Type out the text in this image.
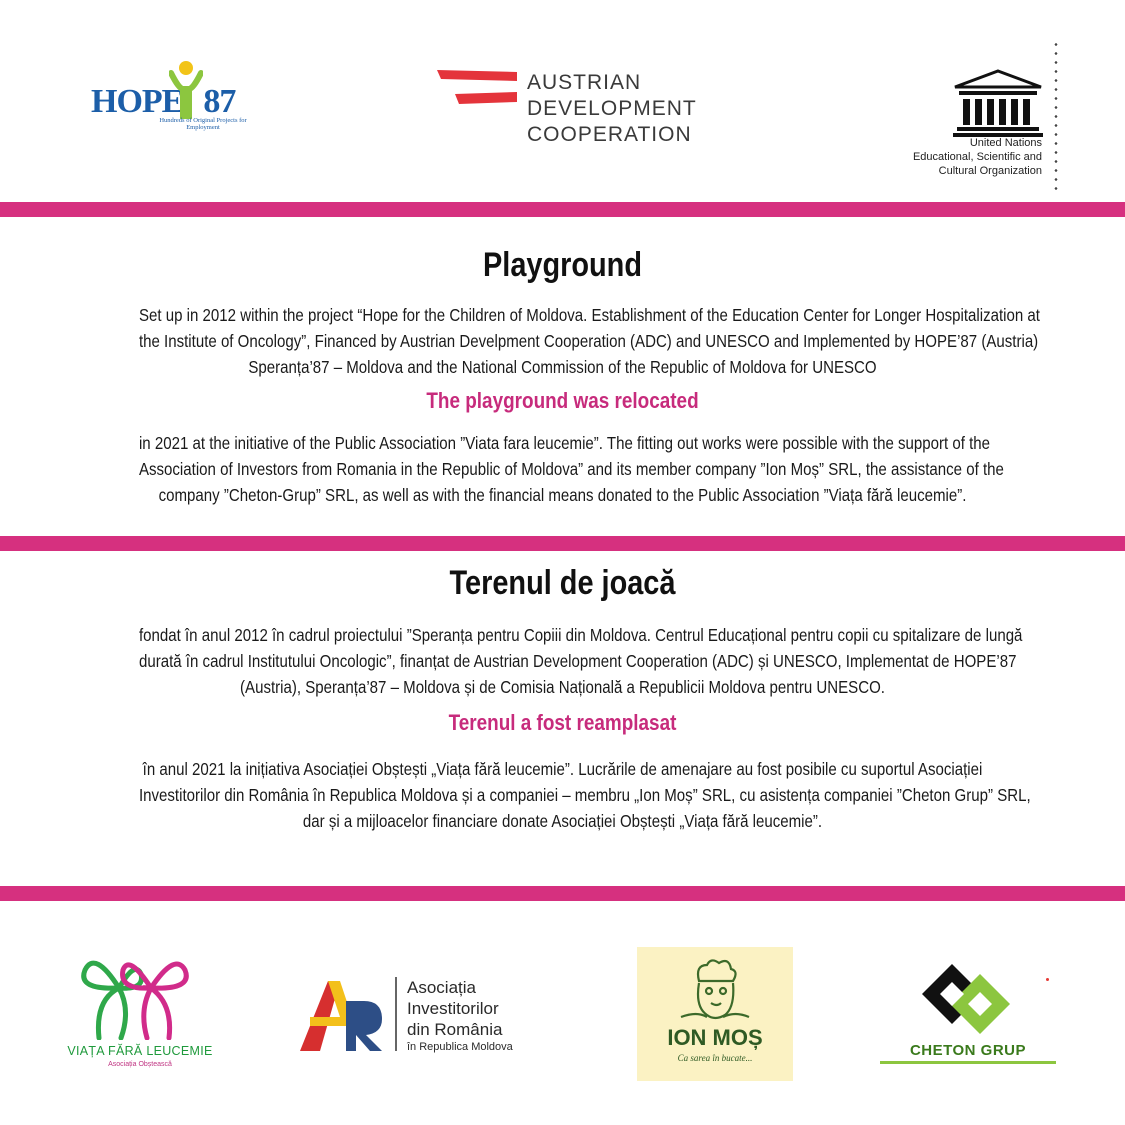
HOPE 87
Hundreds of Original Projects for Employment
AUSTRIAN
DEVELOPMENT
COOPERATION	United Nations
Educational, Scientific and
Cultural Organization
Playground
Set up in 2012 within the project “Hope for the Children of Moldova. Establishment of the Education Center for Longer Hospitalization at
the Institute of Oncology”, Financed by Austrian Develpment Cooperation (ADC) and UNESCO and Implemented by HOPE’87 (Austria)
Speranța’87 – Moldova and the National Commission of the Republic of Moldova for UNESCO
The playground was relocated
in 2021 at the initiative of the Public Association ”Viata fara leucemie”. The fitting out works were possible with the support of the
Association of Investors from Romania in the Republic of Moldova” and its member company ”Ion Moș” SRL, the assistance of the
company ”Cheton-Grup” SRL, as well as with the financial means donated to the Public Association ”Viața fără leucemie”.
Terenul de joacă
fondat în anul 2012 în cadrul proiectului ”Speranța pentru Copiii din Moldova. Centrul Educațional pentru copii cu spitalizare de lungă
durată în cadrul Institutului Oncologic”, finanțat de Austrian Development Cooperation (ADC) și UNESCO, Implementat de HOPE’87
(Austria), Speranța’87 – Moldova și de Comisia Națională a Republicii Moldova pentru UNESCO.
Terenul a fost reamplasat
în anul 2021 la inițiativa Asociației Obștești „Viața fără leucemie”. Lucrările de amenajare au fost posibile cu suportul Asociației
Investitorilor din România în Republica Moldova și a companiei – membru „Ion Moș” SRL, cu asistența companiei ”Cheton Grup” SRL,
dar și a mijloacelor financiare donate Asociației Obștești „Viața fără leucemie”.
VIAȚA FĂRĂ LEUCEMIE
Asociația Obștească
Asociația
Investitorilor
din România
în Republica Moldova	ION MOȘ
Ca sarea în bucate...	CHETON GRUP
